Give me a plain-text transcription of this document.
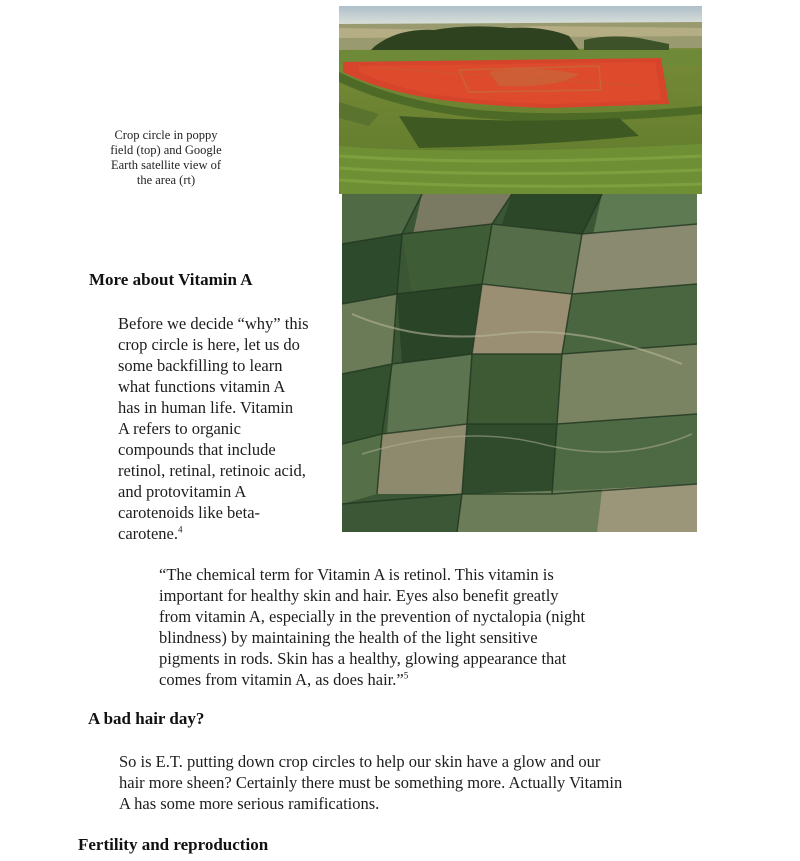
Crop circle in poppy field (top) and Google Earth satellite view of the area (rt)
More about Vitamin A
Before we decide “why” this
crop circle is here, let us do
some backfilling to learn
what functions vitamin A
has in human life. Vitamin
A refers to organic
compounds that include
retinol, retinal, retinoic acid,
and protovitamin A
carotenoids like beta-
carotene.$^4$
“The chemical term for Vitamin A is retinol. This vitamin is
important for healthy skin and hair. Eyes also benefit greatly
from vitamin A, especially in the prevention of nyctalopia (night
blindness) by maintaining the health of the light sensitive
pigments in rods. Skin has a healthy, glowing appearance that
comes from vitamin A, as does hair.”$^5$
A bad hair day?
So is E.T. putting down crop circles to help our skin have a glow and our
hair more sheen? Certainly there must be something more. Actually Vitamin
A has some more serious ramifications.
Fertility and reproduction
